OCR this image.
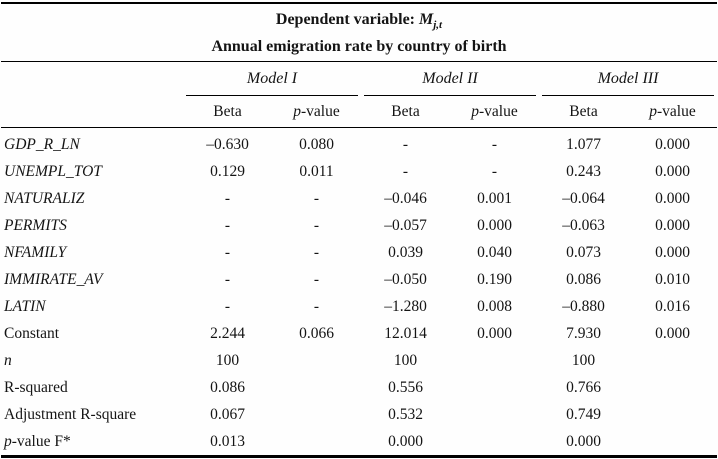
Dependent variable: $M_{j,t}$
Annual emigration rate by country of birth						

	Model I		Model II		Model III	

	Beta	p-value	Beta	p-value	Beta	p-value
GDP_R_LN	–0.630	0.080	-	-	1.077	0.000
UNEMPL_TOT	0.129	0.011	-	-	0.243	0.000
NATURALIZ	-	-	–0.046	0.001	–0.064	0.000
PERMITS	-	-	–0.057	0.000	–0.063	0.000
NFAMILY	-	-	0.039	0.040	0.073	0.000
IMMIRATE_AV	-	-	–0.050	0.190	0.086	0.010
LATIN	-	-	–1.280	0.008	–0.880	0.016
Constant	2.244	0.066	12.014	0.000	7.930	0.000
n	100		100		100	
R-squared	0.086		0.556		0.766	
Adjustment R-square	0.067		0.532		0.749	
p-value F*	0.013		0.000		0.000	
